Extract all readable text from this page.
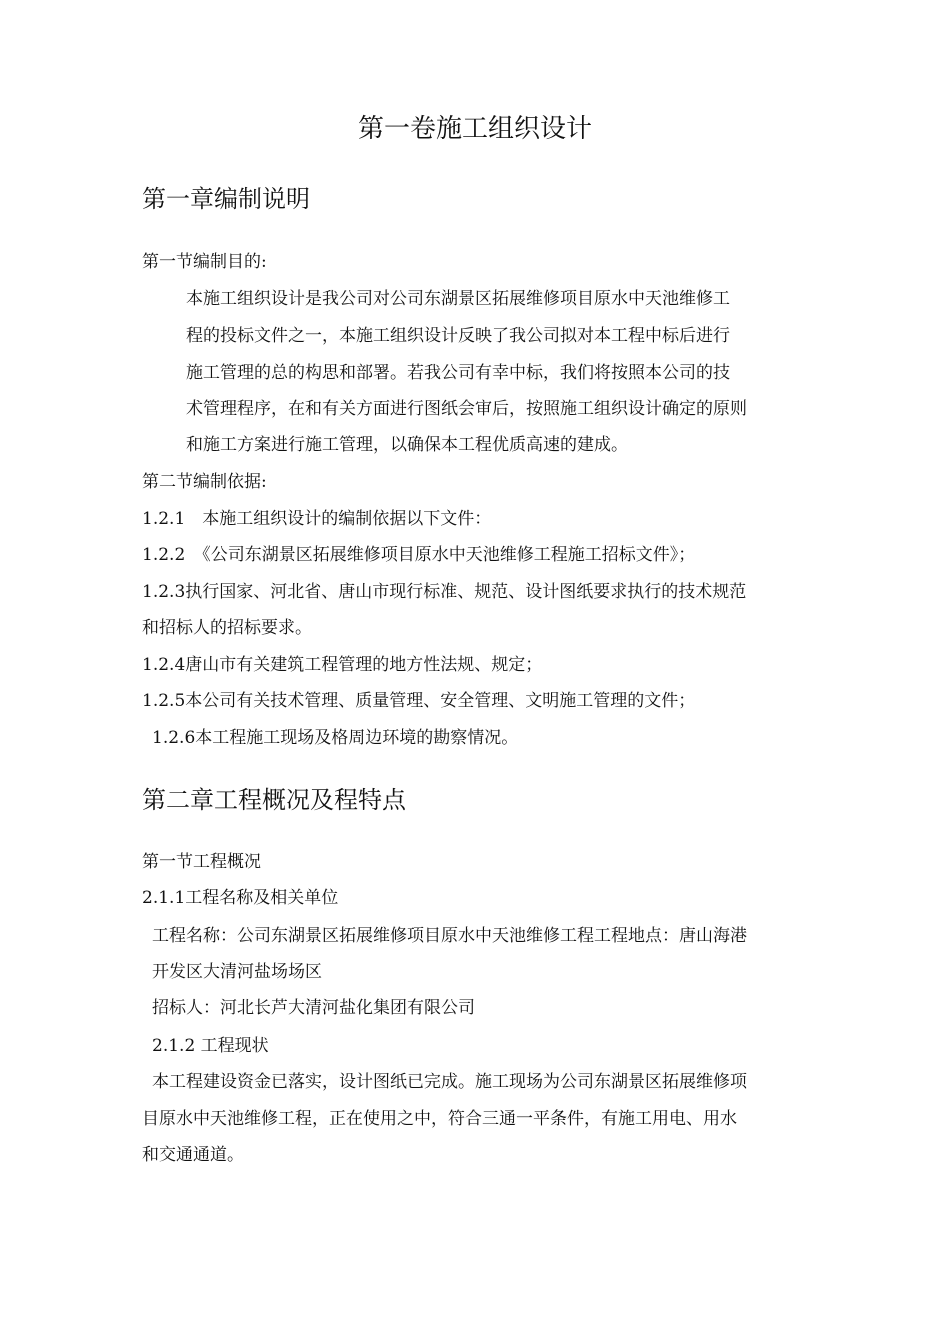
第一卷施工组织设计
第一章编制说明
第一节编制目的:
本施工组织设计是我公司对公司东湖景区拓展维修项目原水中天池维修工
程的投标文件之一，本施工组织设计反映了我公司拟对本工程中标后进行
施工管理的总的构思和部署。若我公司有幸中标，我们将按照本公司的技
术管理程序，在和有关方面进行图纸会审后，按照施工组织设计确定的原则
和施工方案进行施工管理，以确保本工程优质高速的建成。
第二节编制依据:
1.2.1　本施工组织设计的编制依据以下文件：
1.2.2　《公司东湖景区拓展维修项目原水中天池维修工程施工招标文件》；
1.2.3执行国家、河北省、唐山市现行标准、规范、设计图纸要求执行的技术规范
和招标人的招标要求。
1.2.4唐山市有关建筑工程管理的地方性法规、规定；
1.2.5本公司有关技术管理、质量管理、安全管理、文明施工管理的文件；
1.2.6本工程施工现场及格周边环境的勘察情况。
第二章工程概况及程特点
第一节工程概况
2.1.1工程名称及相关单位
工程名称：公司东湖景区拓展维修项目原水中天池维修工程工程地点：唐山海港
开发区大清河盐场场区
招标人：河北长芦大清河盐化集团有限公司
2.1.2 工程现状
本工程建设资金已落实，设计图纸已完成。施工现场为公司东湖景区拓展维修项
目原水中天池维修工程，正在使用之中，符合三通一平条件，有施工用电、用水
和交通通道。
